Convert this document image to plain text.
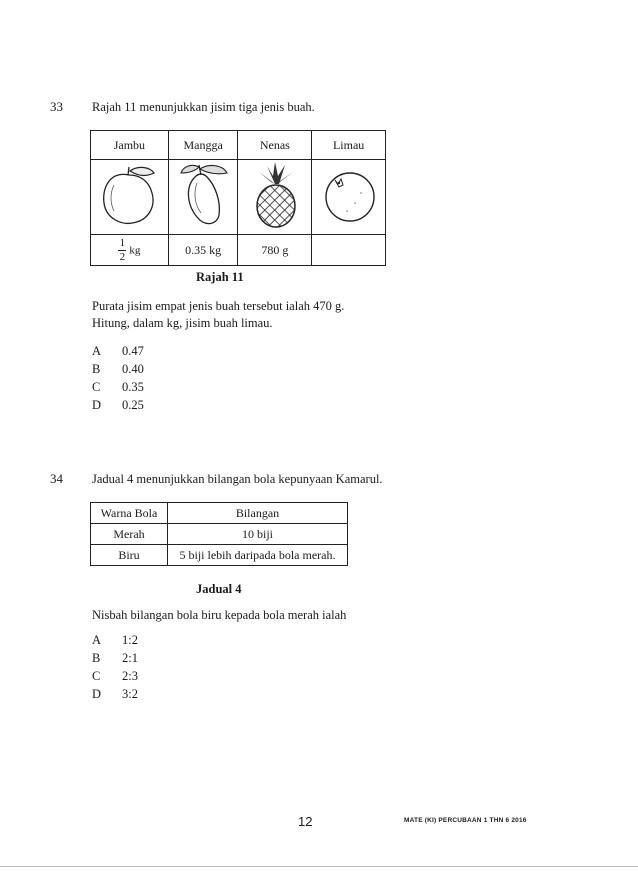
33 Rajah 11 menunjukkan jisim tiga jenis buah.
Jambu	Mangga	Nenas	Limau

$\frac{1}{2}$ kg	0.35 kg	780 g	
Rajah 11
Purata jisim empat jenis buah tersebut ialah 470 g.
Hitung, dalam kg, jisim buah limau.
A 0.47
B 0.40
C 0.35
D 0.25
34 Jadual 4 menunjukkan bilangan bola kepunyaan Kamarul.
Warna Bola	Bilangan
Merah	10 biji
Biru	5 biji lebih daripada bola merah.
Jadual 4
Nisbah bilangan bola biru kepada bola merah ialah
A 1:2
B 2:1
C 2:3
D 3:2
12	MATE (KI) PERCUBAAN 1 THN 6 2016
